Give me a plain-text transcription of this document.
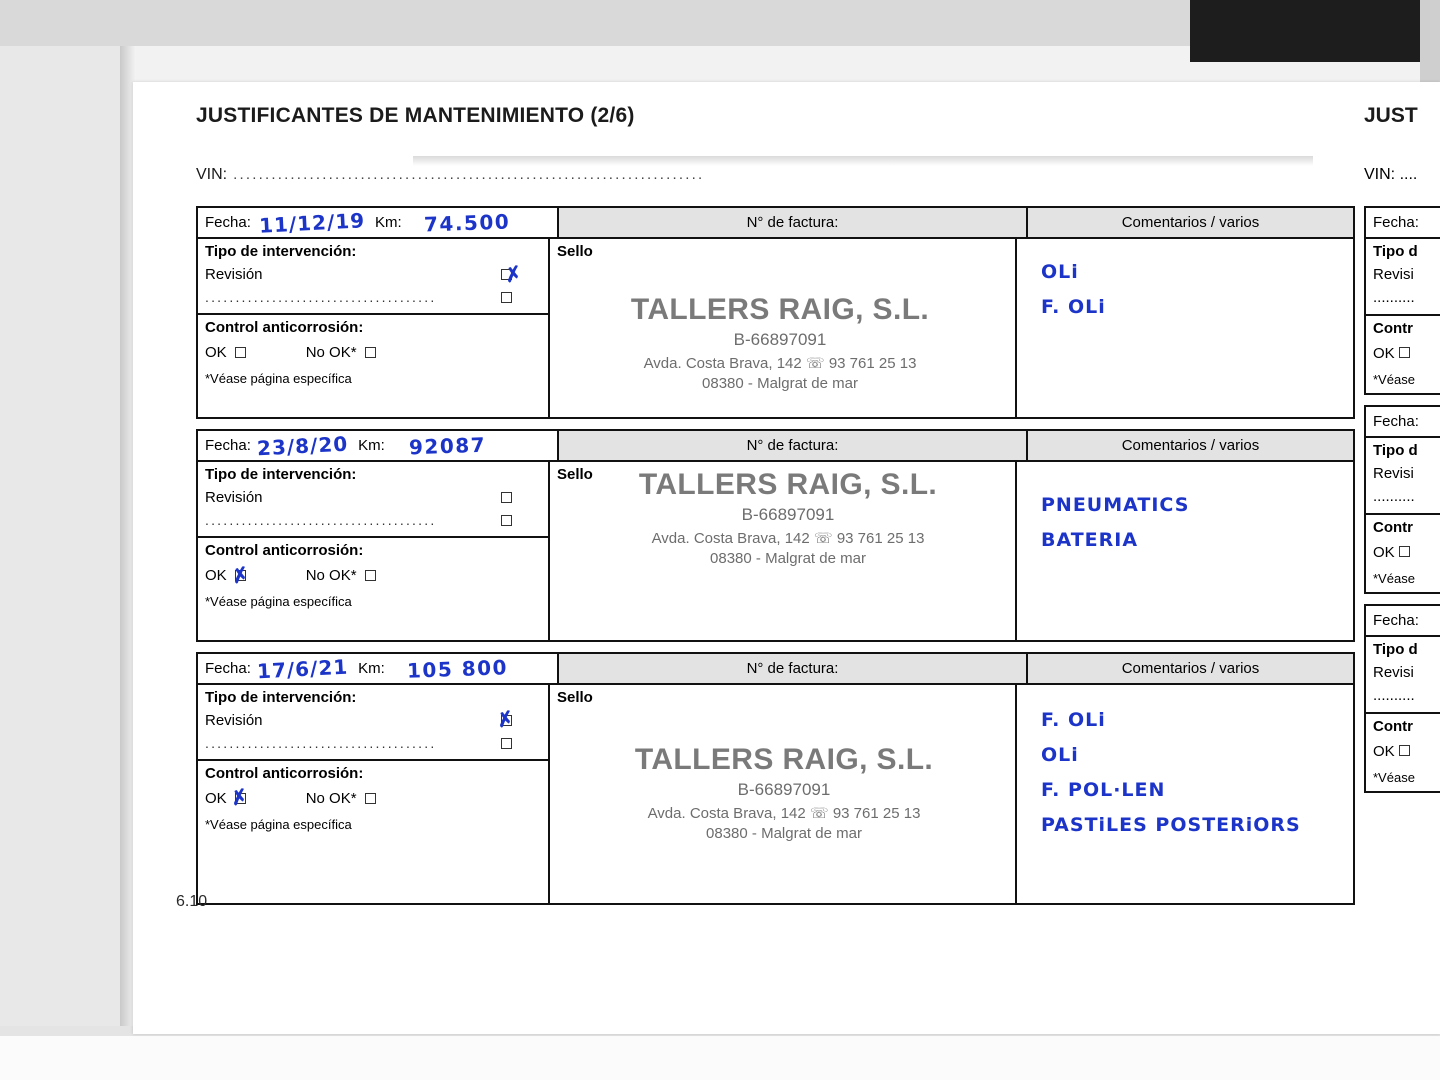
JUSTIFICANTES DE MANTENIMIENTO (2/6)
VIN: ..........................................................................
Fecha: 11/12/19 Km: 74.500	N° de factura:	Comentarios / varios
Tipo de intervención:
Revisión	✗
......................................
Control anticorrosión:
OK	No OK*
*Véase página específica
Sello
TALLERS RAIG, S.L.
B-66897091
Avda. Costa Brava, 142 ☏ 93 761 25 13
08380 - Malgrat de mar
OLi
F. OLi
Fecha: 23/8/20 Km: 92087	N° de factura:	Comentarios / varios
Tipo de intervención:
Revisión
......................................
Control anticorrosión:
OK ✗	No OK*
*Véase página específica
Sello	TALLERS RAIG, S.L.
B-66897091
Avda. Costa Brava, 142 ☏ 93 761 25 13
08380 - Malgrat de mar
PNEUMATICS
BATERIA
Fecha: 17/6/21 Km: 105 800	N° de factura:	Comentarios / varios
Tipo de intervención:
Revisión	✗
......................................
Control anticorrosión:
OK ✗	No OK*
*Véase página específica
Sello
TALLERS RAIG, S.L.
B-66897091
Avda. Costa Brava, 142 ☏ 93 761 25 13
08380 - Malgrat de mar
F. OLi
OLi
F. POL·LEN
PASTiLES POSTERiORS
6.10
JUST
VIN: ....
Fecha:
Tipo d
Revisi
..........
Contr
OK
*Véase
Fecha:
Tipo d
Revisi
..........
Contr
OK
*Véase
Fecha:
Tipo d
Revisi
..........
Contr
OK
*Véase
